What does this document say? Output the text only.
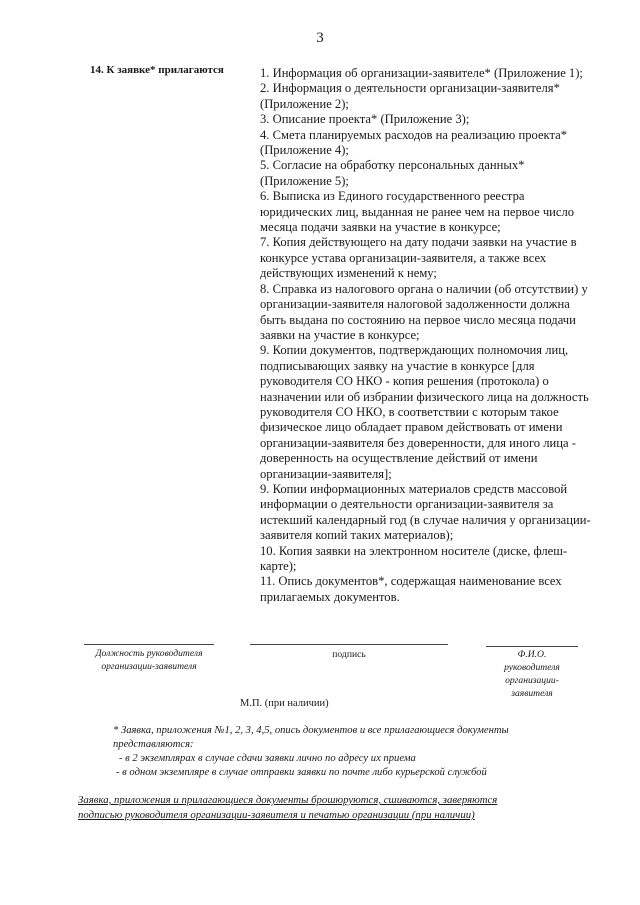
3
14. К заявке* прилагаются	1. Информация об организации-заявителе* (Приложение 1);
2. Информация о деятельности организации-заявителя* (Приложение 2);
3. Описание проекта* (Приложение 3);
4. Смета планируемых расходов на реализацию проекта* (Приложение 4);
5. Согласие на обработку персональных данных* (Приложение 5);
6. Выписка из Единого государственного реестра юридических лиц, выданная не ранее чем на первое число месяца подачи заявки на участие в конкурсе;
7. Копия действующего на дату подачи заявки на участие в конкурсе устава организации-заявителя, а также всех действующих изменений к нему;
8. Справка из налогового органа о наличии (об отсутствии) у организации-заявителя налоговой задолженности должна быть выдана по состоянию на первое число месяца подачи заявки на участие в конкурсе;
9. Копии документов, подтверждающих полномочия лиц, подписывающих заявку на участие в конкурсе [для руководителя СО НКО - копия решения (протокола) о назначении или об избрании физического лица на должность руководителя СО НКО, в соответствии с которым такое физическое лицо обладает правом действовать от имени организации-заявителя без доверенности, для иного лица - доверенность на осуществление действий от имени организации-заявителя];
9. Копии информационных материалов средств массовой информации о деятельности организации-заявителя за истекший календарный год (в случае наличия у организации-заявителя копий таких материалов);
10. Копия заявки на электронном носителе (диске, флеш-карте);
11. Опись документов*, содержащая наименование всех прилагаемых документов.
Должность руководителя организации-заявителя
подпись	Ф.И.О.
руководителя
организации-
заявителя
М.П. (при наличии)
* Заявка, приложения №1, 2, 3, 4,5, опись документов и все прилагающиеся документы
представляются:
- в 2 экземплярах в случае сдачи заявки лично по адресу их приема
- в одном экземпляре в случае отправки заявки по почте либо курьерской службой
Заявка, приложения и прилагающиеся документы брошюруются, сшиваются, заверяются
подписью руководителя организации-заявителя и печатью организации (при наличии)
